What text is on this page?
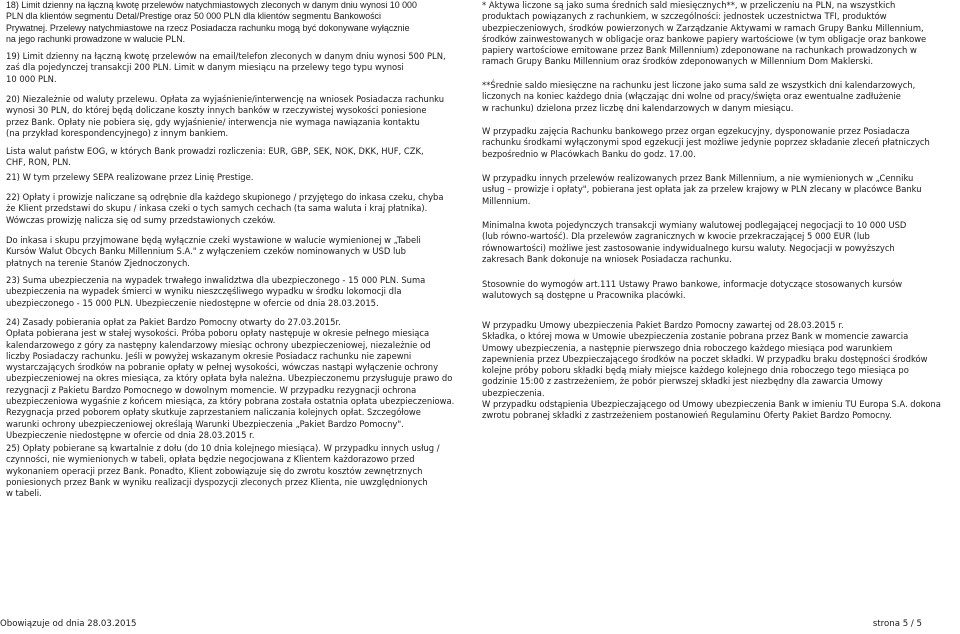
18) Limit dzienny na łączną kwotę przelewów natychmiastowych zleconych w danym dniu wynosi 10 000
PLN dla klientów segmentu Detal/Prestige oraz 50 000 PLN dla klientów segmentu Bankowości
Prywatnej. Przelewy natychmiastowe na rzecz Posiadacza rachunku mogą być dokonywane wyłącznie
na jego rachunki prowadzone w walucie PLN.
19) Limit dzienny na łączną kwotę przelewów na email/telefon zleconych w danym dniu wynosi 500 PLN,
zaś dla pojedynczej transakcji 200 PLN. Limit w danym miesiącu na przelewy tego typu wynosi
10 000 PLN.
20) Niezależnie od waluty przelewu. Opłata za wyjaśnienie/interwencję na wniosek Posiadacza rachunku
wynosi 30 PLN, do której będą doliczane koszty innych banków w rzeczywistej wysokości poniesione
przez Bank. Opłaty nie pobiera się, gdy wyjaśnienie/ interwencja nie wymaga nawiązania kontaktu
(na przykład korespondencyjnego) z innym bankiem.
Lista walut państw EOG, w których Bank prowadzi rozliczenia: EUR, GBP, SEK, NOK, DKK, HUF, CZK,
CHF, RON, PLN.
21) W tym przelewy SEPA realizowane przez Linię Prestige.
22) Opłaty i prowizje naliczane są odrębnie dla każdego skupionego / przyjętego do inkasa czeku, chyba
że Klient przedstawi do skupu / inkasa czeki o tych samych cechach (ta sama waluta i kraj płatnika).
Wówczas prowizję nalicza się od sumy przedstawionych czeków.
Do inkasa i skupu przyjmowane będą wyłącznie czeki wystawione w walucie wymienionej w „Tabeli
Kursów Walut Obcych Banku Millennium S.A." z wyłączeniem czeków nominowanych w USD lub
płatnych na terenie Stanów Zjednoczonych.
23) Suma ubezpieczenia na wypadek trwałego inwalidztwa dla ubezpieczonego - 15 000 PLN. Suma
ubezpieczenia na wypadek śmierci w wyniku nieszczęśliwego wypadku w środku lokomocji dla
ubezpieczonego - 15 000 PLN. Ubezpieczenie niedostępne w ofercie od dnia 28.03.2015.
24) Zasady pobierania opłat za Pakiet Bardzo Pomocny otwarty do 27.03.2015r.
Opłata pobierana jest w stałej wysokości. Próba poboru opłaty następuje w okresie pełnego miesiąca
kalendarzowego z góry za następny kalendarzowy miesiąc ochrony ubezpieczeniowej, niezależnie od
liczby Posiadaczy rachunku. Jeśli w powyżej wskazanym okresie Posiadacz rachunku nie zapewni
wystarczających środków na pobranie opłaty w pełnej wysokości, wówczas nastąpi wyłączenie ochrony
ubezpieczeniowej na okres miesiąca, za który opłata była należna. Ubezpieczonemu przysługuje prawo do
rezygnacji z Pakietu Bardzo Pomocnego w dowolnym momencie. W przypadku rezygnacji ochrona
ubezpieczeniowa wygaśnie z końcem miesiąca, za który pobrana została ostatnia opłata ubezpieczeniowa.
Rezygnacja przed poborem opłaty skutkuje zaprzestaniem naliczania kolejnych opłat. Szczegółowe
warunki ochrony ubezpieczeniowej określają Warunki Ubezpieczenia „Pakiet Bardzo Pomocny".
Ubezpieczenie niedostępne w ofercie od dnia 28.03.2015 r.
25) Opłaty pobierane są kwartalnie z dołu (do 10 dnia kolejnego miesiąca). W przypadku innych usług /
czynności, nie wymienionych w tabeli, opłata będzie negocjowana z Klientem każdorazowo przed
wykonaniem operacji przez Bank. Ponadto, Klient zobowiązuje się do zwrotu kosztów zewnętrznych
poniesionych przez Bank w wyniku realizacji dyspozycji zleconych przez Klienta, nie uwzględnionych
w tabeli.
* Aktywa liczone są jako suma średnich sald miesięcznych**, w przeliczeniu na PLN, na wszystkich
produktach powiązanych z rachunkiem, w szczególności: jednostek uczestnictwa TFI, produktów
ubezpieczeniowych, środków powierzonych w Zarządzanie Aktywami w ramach Grupy Banku Millennium,
środków zainwestowanych w obligacje oraz bankowe papiery wartościowe (w tym obligacje oraz bankowe
papiery wartościowe emitowane przez Bank Millennium) zdeponowane na rachunkach prowadzonych w
ramach Grupy Banku Millennium oraz środków zdeponowanych w Millennium Dom Maklerski.
**Średnie saldo miesięczne na rachunku jest liczone jako suma sald ze wszystkich dni kalendarzowych,
liczonych na koniec każdego dnia (włączając dni wolne od pracy/święta oraz ewentualne zadłużenie
w rachunku) dzielona przez liczbę dni kalendarzowych w danym miesiącu.
W przypadku zajęcia Rachunku bankowego przez organ egzekucyjny, dysponowanie przez Posiadacza
rachunku środkami wyłączonymi spod egzekucji jest możliwe jedynie poprzez składanie zleceń płatniczych
bezpośrednio w Placówkach Banku do godz. 17.00.
W przypadku innych przelewów realizowanych przez Bank Millennium, a nie wymienionych w „Cenniku
usług – prowizje i opłaty", pobierana jest opłata jak za przelew krajowy w PLN zlecany w placówce Banku
Millennium.
Minimalna kwota pojedynczych transakcji wymiany walutowej podlegającej negocjacji to 10 000 USD
(lub równo-wartość). Dla przelewów zagranicznych w kwocie przekraczającej 5 000 EUR (lub
równowartości) możliwe jest zastosowanie indywidualnego kursu waluty. Negocjacji w powyższych
zakresach Bank dokonuje na wniosek Posiadacza rachunku.
Stosownie do wymogów art.111 Ustawy Prawo bankowe, informacje dotyczące stosowanych kursów
walutowych są dostępne u Pracownika placówki.
W przypadku Umowy ubezpieczenia Pakiet Bardzo Pomocny zawartej od 28.03.2015 r.
Składka, o której mowa w Umowie ubezpieczenia zostanie pobrana przez Bank w momencie zawarcia
Umowy ubezpieczenia, a następnie pierwszego dnia roboczego każdego miesiąca pod warunkiem
zapewnienia przez Ubezpieczającego środków na poczet składki. W przypadku braku dostępności środków
kolejne próby poboru składki będą miały miejsce każdego kolejnego dnia roboczego tego miesiąca po
godzinie 15:00 z zastrzeżeniem, że pobór pierwszej składki jest niezbędny dla zawarcia Umowy
ubezpieczenia.
W przypadku odstąpienia Ubezpieczającego od Umowy ubezpieczenia Bank w imieniu TU Europa S.A. dokona
zwrotu pobranej składki z zastrzeżeniem postanowień Regulaminu Oferty Pakiet Bardzo Pomocny.
Obowiązuje od dnia 28.03.2015	strona 5 / 5
